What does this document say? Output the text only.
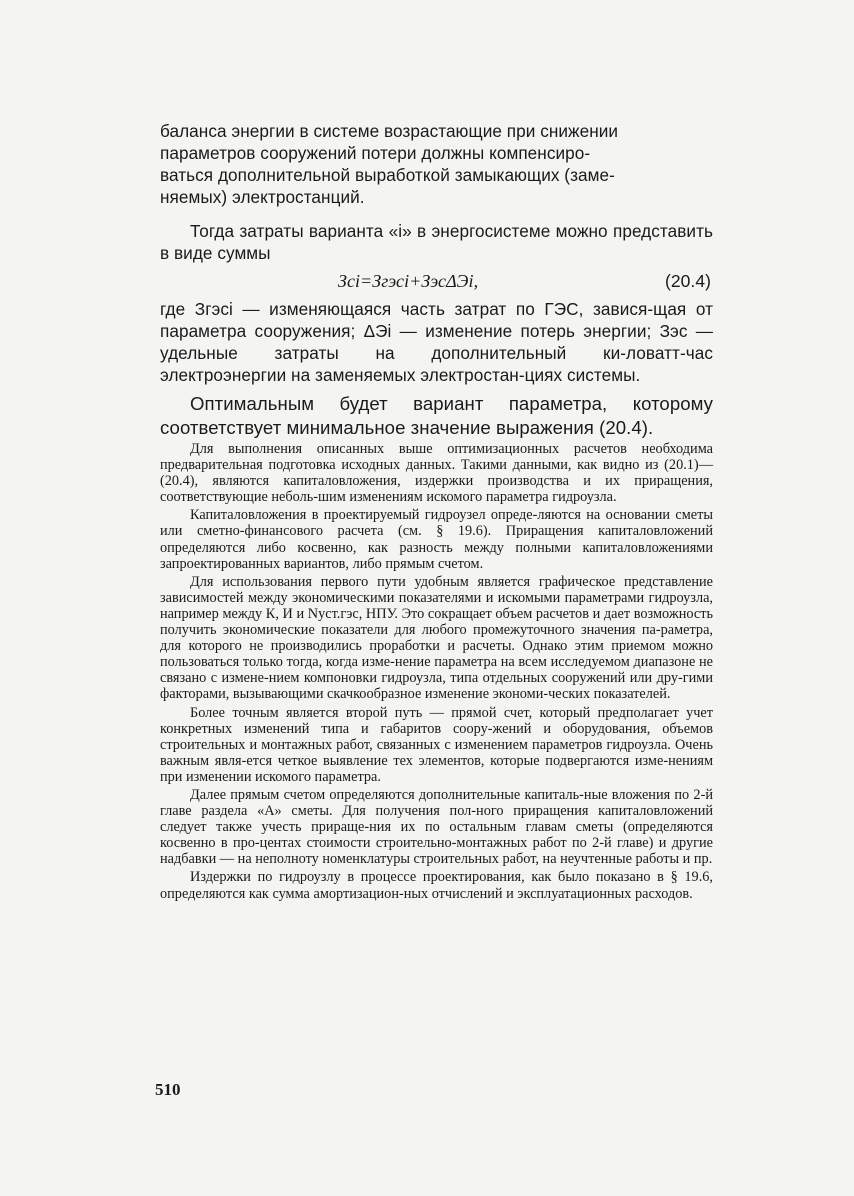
баланса энергии в системе возрастающие при снижении

параметров сооружений потери должны компенсиро-

ваться дополнительной выработкой замыкающих (заме-

няемых) электростанций.

Тогда затраты варианта «i» в энергосистеме можно представить в виде суммы

Зci=Згэсi+ЗэсΔЭi,	(20.4)

где Згэсi — изменяющаяся часть затрат по ГЭС, завися-щая от параметра сооружения; ΔЭi — изменение потерь энергии; Зэс — удельные затраты на дополнительный ки-ловатт-час электроэнергии на заменяемых электростан-циях системы.

Оптимальным будет вариант параметра, которому соответствует минимальное значение выражения (20.4).

Для выполнения описанных выше оптимизационных расчетов необходима предварительная подготовка исходных данных. Такими данными, как видно из (20.1)—(20.4), являются капиталовложения, издержки производства и их приращения, соответствующие неболь-шим изменениям искомого параметра гидроузла.

Капиталовложения в проектируемый гидроузел опреде-ляются на основании сметы или сметно-финансового расчета (см. § 19.6). Приращения капиталовложений определяются либо косвенно, как разность между полными капиталовложениями запроектированных вариантов, либо прямым счетом.

Для использования первого пути удобным является графическое представление зависимостей между экономическими показателями и искомыми параметрами гидроузла, например между К, И и Nуст.гэс, НПУ. Это сокращает объем расчетов и дает возможность получить экономические показатели для любого промежуточного значения па-раметра, для которого не производились проработки и расчеты. Однако этим приемом можно пользоваться только тогда, когда изме-нение параметра на всем исследуемом диапазоне не связано с измене-нием компоновки гидроузла, типа отдельных сооружений или дру-гими факторами, вызывающими скачкообразное изменение экономи-ческих показателей.

Более точным является второй путь — прямой счет, который предполагает учет конкретных изменений типа и габаритов соору-жений и оборудования, объемов строительных и монтажных работ, связанных с изменением параметров гидроузла. Очень важным явля-ется четкое выявление тех элементов, которые подвергаются изме-нениям при изменении искомого параметра.

Далее прямым счетом определяются дополнительные капиталь-ные вложения по 2-й главе раздела «А» сметы. Для получения пол-ного приращения капиталовложений следует также учесть прираще-ния их по остальным главам сметы (определяются косвенно в про-центах стоимости строительно-монтажных работ по 2-й главе) и другие надбавки — на неполноту номенклатуры строительных работ, на неучтенные работы и пр.

Издержки по гидроузлу в процессе проектирования, как было показано в § 19.6, определяются как сумма амортизацион-ных отчислений и эксплуатационных расходов.

510
